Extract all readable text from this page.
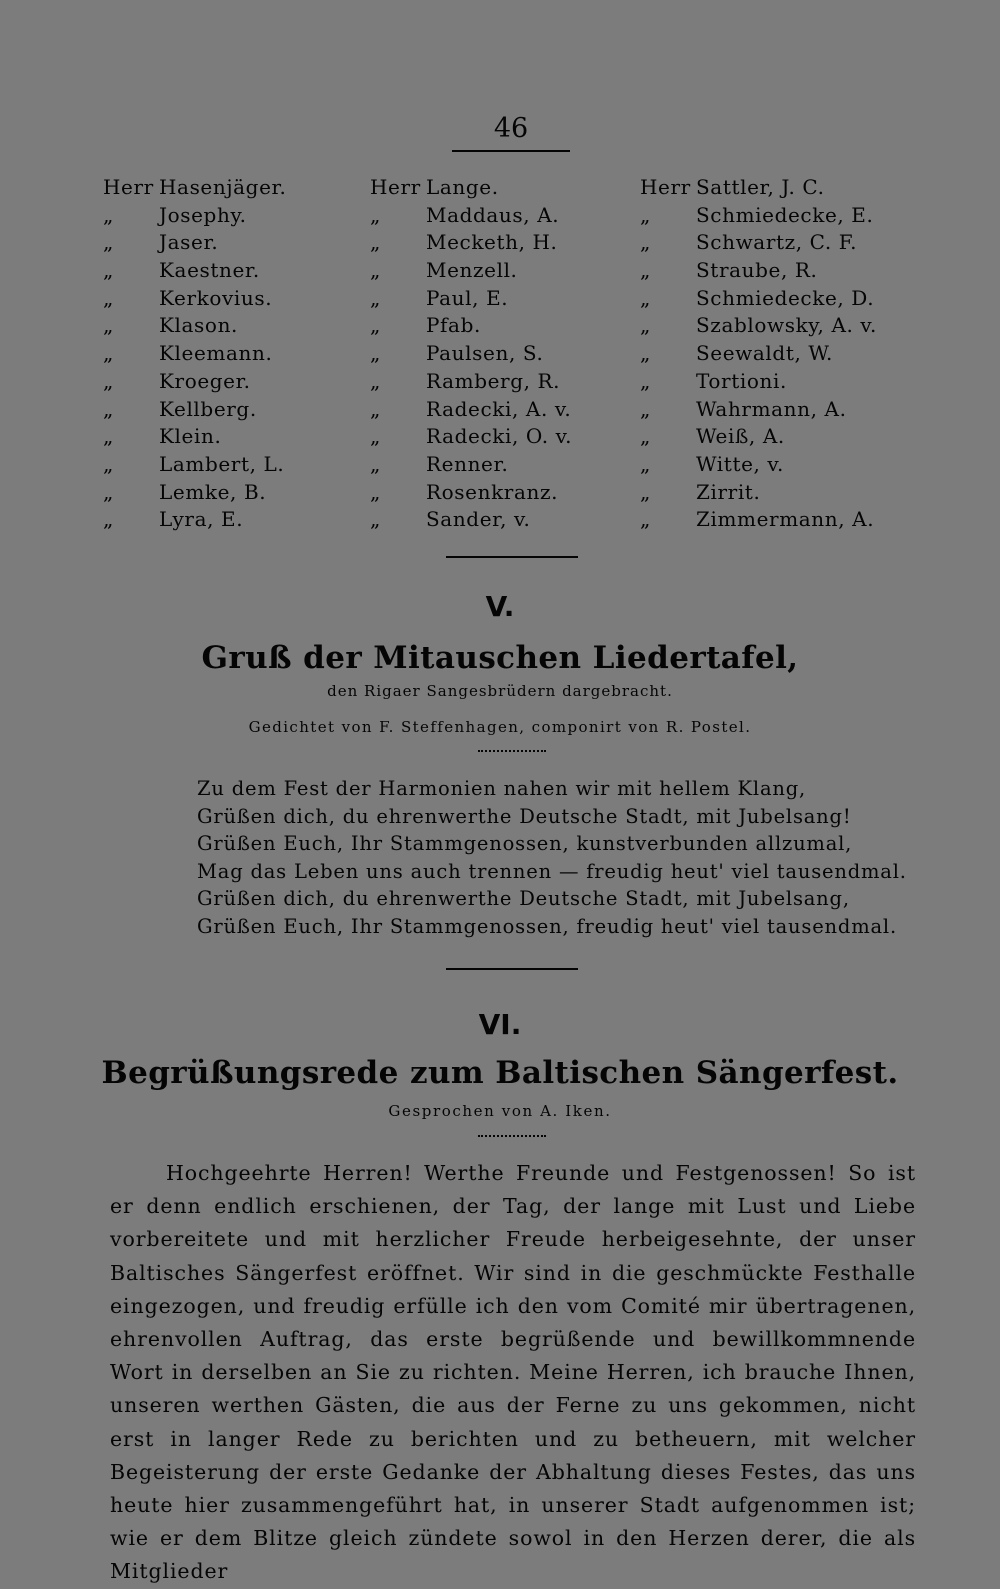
46
Herr Hasenjäger.
„ Josephy.
„ Jaser.
„ Kaestner.
„ Kerkovius.
„ Klason.
„ Kleemann.
„ Kroeger.
„ Kellberg.
„ Klein.
„ Lambert, L.
„ Lemke, B.
„ Lyra, E.
Herr Lange.
„ Maddaus, A.
„ Mecketh, H.
„ Menzell.
„ Paul, E.
„ Pfab.
„ Paulsen, S.
„ Ramberg, R.
„ Radecki, A. v.
„ Radecki, O. v.
„ Renner.
„ Rosenkranz.
„ Sander, v.
Herr Sattler, J. C.
„ Schmiedecke, E.
„ Schwartz, C. F.
„ Straube, R.
„ Schmiedecke, D.
„ Szablowsky, A. v.
„ Seewaldt, W.
„ Tortioni.
„ Wahrmann, A.
„ Weiß, A.
„ Witte, v.
„ Zirrit.
„ Zimmermann, A.
V.
Gruß der Mitauschen Liedertafel,
den Rigaer Sangesbrüdern dargebracht.
Gedichtet von F. Steffenhagen, componirt von R. Postel.
Zu dem Fest der Harmonien nahen wir mit hellem Klang,
Grüßen dich, du ehrenwerthe Deutsche Stadt, mit Jubelsang!
Grüßen Euch, Ihr Stammgenossen, kunstverbunden allzumal,
Mag das Leben uns auch trennen — freudig heut' viel tausendmal.
Grüßen dich, du ehrenwerthe Deutsche Stadt, mit Jubelsang,
Grüßen Euch, Ihr Stammgenossen, freudig heut' viel tausendmal.
VI.
Begrüßungsrede zum Baltischen Sängerfest.
Gesprochen von A. Iken.

Hochgeehrte Herren! Werthe Freunde und Festgenossen! So ist er denn endlich erschienen, der Tag, der lange mit Lust und Liebe vorbereitete und mit herzlicher Freude herbeigesehnte, der unser Baltisches Sängerfest eröffnet. Wir sind in die geschmückte Festhalle eingezogen, und freudig erfülle ich den vom Comité mir übertragenen, ehrenvollen Auftrag, das erste begrüßende und bewillkommnende Wort in derselben an Sie zu richten. Meine Herren, ich brauche Ihnen, unseren werthen Gästen, die aus der Ferne zu uns gekommen, nicht erst in langer Rede zu berichten und zu betheuern, mit welcher Begeisterung der erste Gedanke der Abhaltung dieses Festes, das uns heute hier zusammengeführt hat, in unserer Stadt aufgenommen ist; wie er dem Blitze gleich zündete sowol in den Herzen derer, die als Mitglieder
